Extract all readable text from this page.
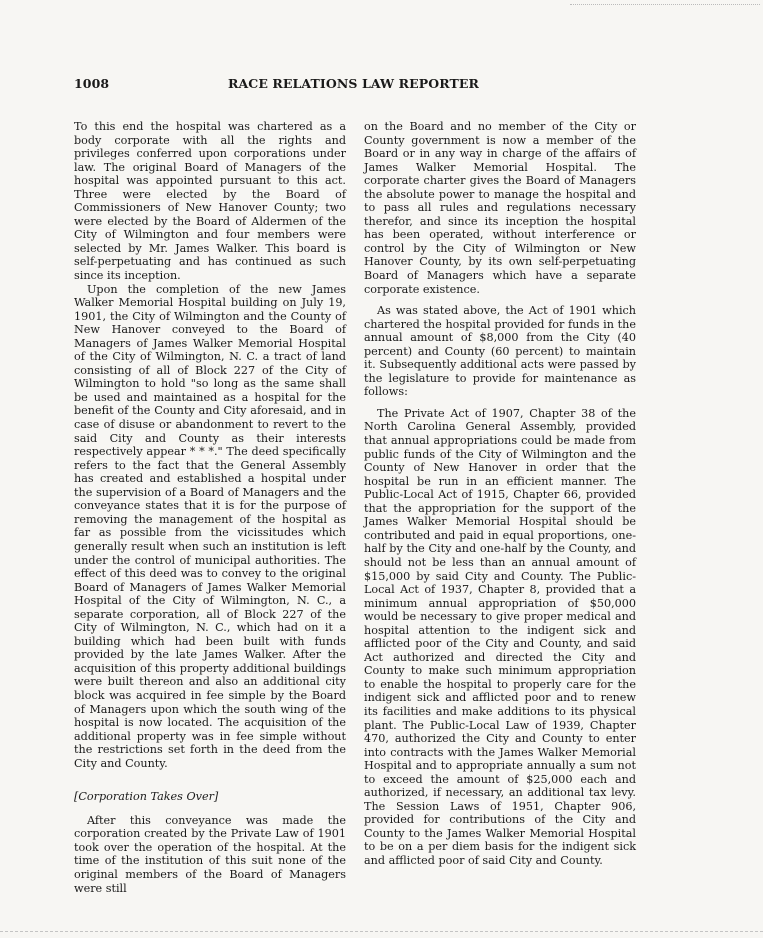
1008	RACE RELATIONS LAW REPORTER

To this end the hospital was chartered as a body corporate with all the rights and privileges conferred upon corporations under law. The original Board of Managers of the hospital was appointed pursuant to this act. Three were elected by the Board of Commissioners of New Hanover County; two were elected by the Board of Aldermen of the City of Wilmington and four members were selected by Mr. James Walker. This board is self-perpetuating and has continued as such since its inception.

Upon the completion of the new James Walker Memorial Hospital building on July 19, 1901, the City of Wilmington and the County of New Hanover conveyed to the Board of Managers of James Walker Memorial Hospital of the City of Wilmington, N. C. a tract of land consisting of all of Block 227 of the City of Wilmington to hold "so long as the same shall be used and maintained as a hospital for the benefit of the County and City aforesaid, and in case of disuse or abandonment to revert to the said City and County as their interests respectively appear * * *." The deed specifically refers to the fact that the General Assembly has created and established a hospital under the supervision of a Board of Managers and the conveyance states that it is for the purpose of removing the management of the hospital as far as possible from the vicissitudes which generally result when such an institution is left under the control of municipal authorities. The effect of this deed was to convey to the original Board of Managers of James Walker Memorial Hospital of the City of Wilmington, N. C., a separate corporation, all of Block 227 of the City of Wilmington, N. C., which had on it a building which had been built with funds provided by the late James Walker. After the acquisition of this property additional buildings were built thereon and also an additional city block was acquired in fee simple by the Board of Managers upon which the south wing of the hospital is now located. The acquisition of the additional property was in fee simple without the restrictions set forth in the deed from the City and County.

[Corporation Takes Over]

After this conveyance was made the corporation created by the Private Law of 1901 took over the operation of the hospital. At the time of the institution of this suit none of the original members of the Board of Managers were still

on the Board and no member of the City or County government is now a member of the Board or in any way in charge of the affairs of James Walker Memorial Hospital. The corporate charter gives the Board of Managers the absolute power to manage the hospital and to pass all rules and regulations necessary therefor, and since its inception the hospital has been operated, without interference or control by the City of Wilmington or New Hanover County, by its own self-perpetuating Board of Managers which have a separate corporate existence.

As was stated above, the Act of 1901 which chartered the hospital provided for funds in the annual amount of $8,000 from the City (40 percent) and County (60 percent) to maintain it. Subsequently additional acts were passed by the legislature to provide for maintenance as follows:

The Private Act of 1907, Chapter 38 of the North Carolina General Assembly, provided that annual appropriations could be made from public funds of the City of Wilmington and the County of New Hanover in order that the hospital be run in an efficient manner. The Public-Local Act of 1915, Chapter 66, provided that the appropriation for the support of the James Walker Memorial Hospital should be contributed and paid in equal proportions, one-half by the City and one-half by the County, and should not be less than an annual amount of $15,000 by said City and County. The Public-Local Act of 1937, Chapter 8, provided that a minimum annual appropriation of $50,000 would be necessary to give proper medical and hospital attention to the indigent sick and afflicted poor of the City and County, and said Act authorized and directed the City and County to make such minimum appropriation to enable the hospital to properly care for the indigent sick and afflicted poor and to renew its facilities and make additions to its physical plant. The Public-Local Law of 1939, Chapter 470, authorized the City and County to enter into contracts with the James Walker Memorial Hospital and to appropriate annually a sum not to exceed the amount of $25,000 each and authorized, if necessary, an additional tax levy. The Session Laws of 1951, Chapter 906, provided for contributions of the City and County to the James Walker Memorial Hospital to be on a per diem basis for the indigent sick and afflicted poor of said City and County.
